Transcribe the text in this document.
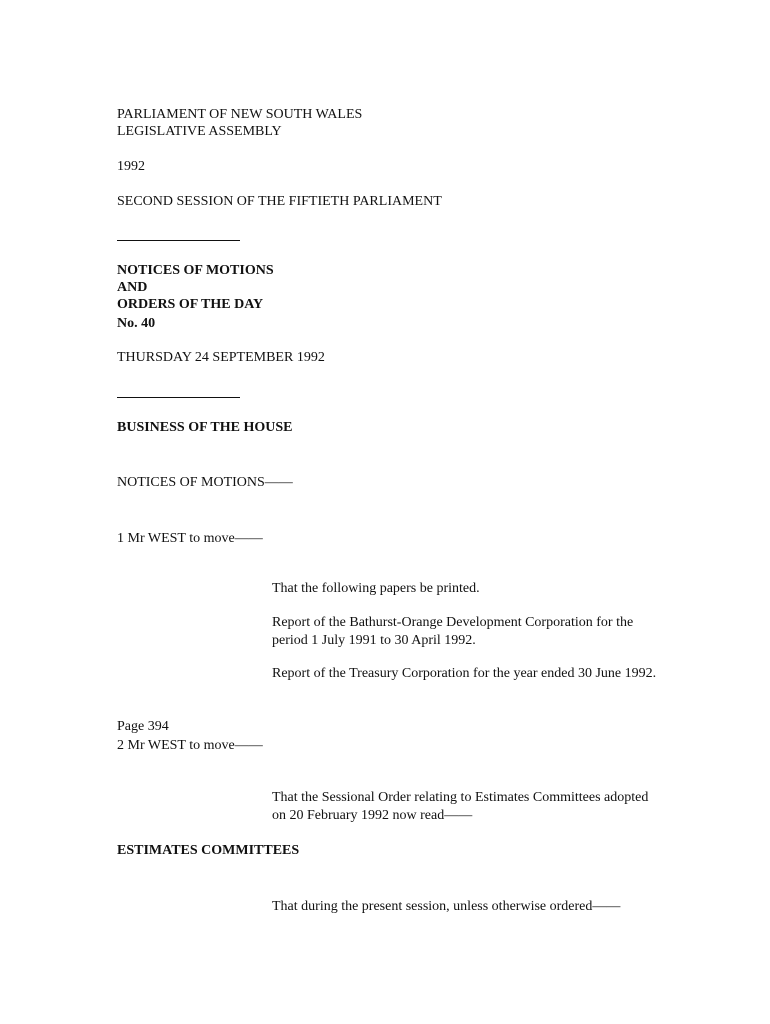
PARLIAMENT OF NEW SOUTH WALES
LEGISLATIVE ASSEMBLY
1992
SECOND SESSION OF THE FIFTIETH PARLIAMENT
NOTICES OF MOTIONS
AND
ORDERS OF THE DAY
No. 40
THURSDAY 24 SEPTEMBER 1992
BUSINESS OF THE HOUSE
NOTICES OF MOTIONS——
1 Mr WEST to move——
That the following papers be printed.
Report of the Bathurst-Orange Development Corporation for the period 1 July 1991 to 30 April 1992.
Report of the Treasury Corporation for the year ended 30 June 1992.
Page 394
2 Mr WEST to move——
That the Sessional Order relating to Estimates Committees adopted on 20 February 1992 now read——
ESTIMATES COMMITTEES
That during the present session, unless otherwise ordered——
